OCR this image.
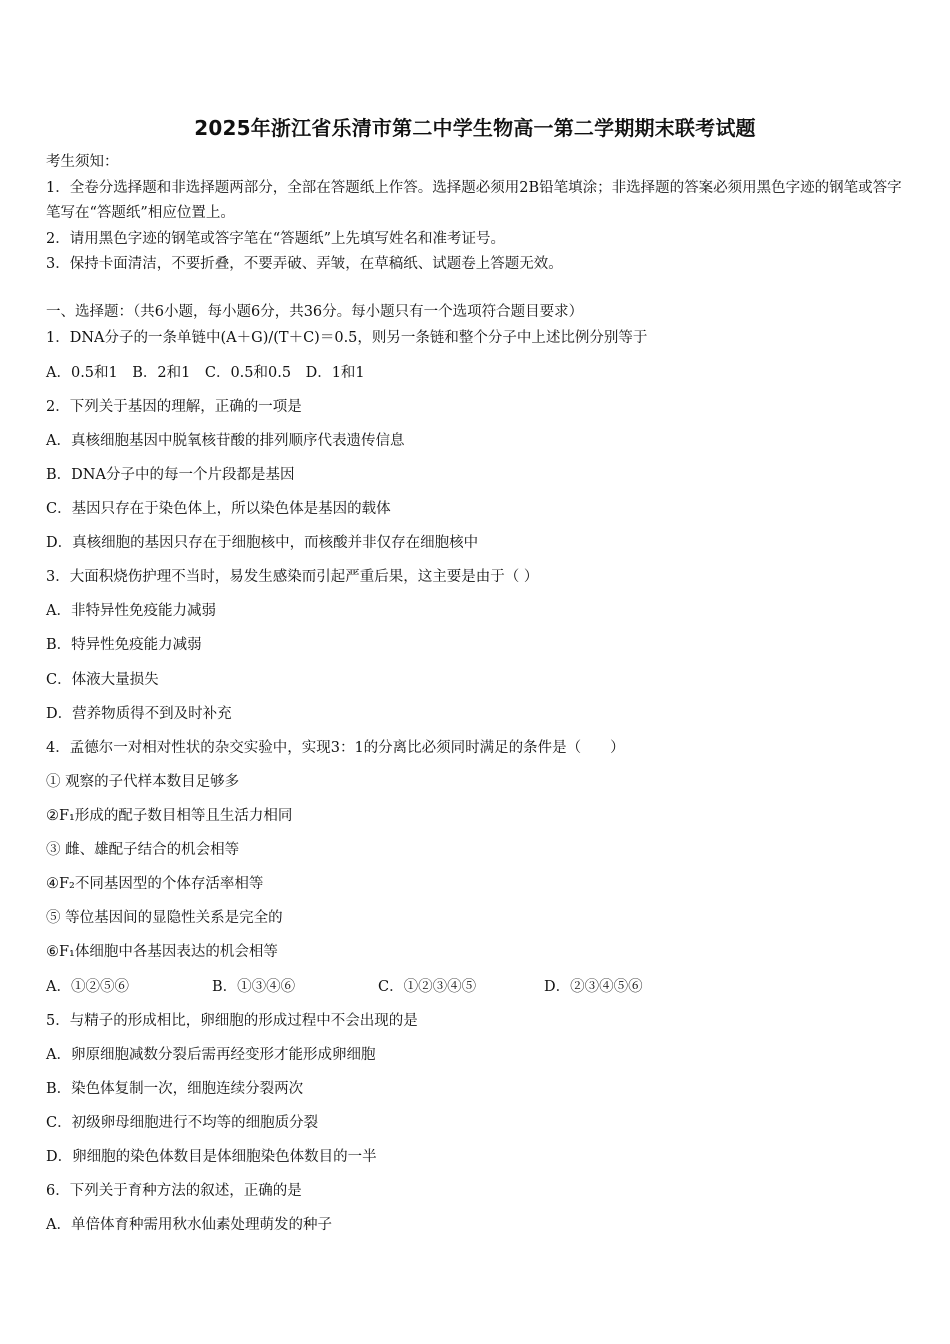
2025年浙江省乐清市第二中学生物高一第二学期期末联考试题
考生须知：
1．全卷分选择题和非选择题两部分，全部在答题纸上作答。选择题必须用2B铅笔填涂；非选择题的答案必须用黑色字迹的钢笔或答字笔写在“答题纸”相应位置上。
2．请用黑色字迹的钢笔或答字笔在“答题纸”上先填写姓名和准考证号。
3．保持卡面清洁，不要折叠，不要弄破、弄皱，在草稿纸、试题卷上答题无效。
一、选择题：（共6小题，每小题6分，共36分。每小题只有一个选项符合题目要求）
1．DNA分子的一条单链中(A＋G)/(T＋C)＝0.5，则另一条链和整个分子中上述比例分别等于
A．0.5和1　B．2和1　C．0.5和0.5　D．1和1
2．下列关于基因的理解，正确的一项是
A．真核细胞基因中脱氧核苷酸的排列顺序代表遗传信息
B．DNA分子中的每一个片段都是基因
C．基因只存在于染色体上，所以染色体是基因的载体
D．真核细胞的基因只存在于细胞核中，而核酸并非仅存在细胞核中
3．大面积烧伤护理不当时，易发生感染而引起严重后果，这主要是由于（ ）
A．非特异性免疫能力减弱
B．特异性免疫能力减弱
C．体液大量损失
D．营养物质得不到及时补充
4．孟德尔一对相对性状的杂交实验中，实现3：1的分离比必须同时满足的条件是（　　）
① 观察的子代样本数目足够多
②F₁形成的配子数目相等且生活力相同
③ 雌、雄配子结合的机会相等
④F₂不同基因型的个体存活率相等
⑤ 等位基因间的显隐性关系是完全的
⑥F₁体细胞中各基因表达的机会相等
A．①②⑤⑥	B．①③④⑥	C．①②③④⑤	D．②③④⑤⑥
5．与精子的形成相比，卵细胞的形成过程中不会出现的是
A．卵原细胞减数分裂后需再经变形才能形成卵细胞
B．染色体复制一次，细胞连续分裂两次
C．初级卵母细胞进行不均等的细胞质分裂
D．卵细胞的染色体数目是体细胞染色体数目的一半
6．下列关于育种方法的叙述，正确的是
A．单倍体育种需用秋水仙素处理萌发的种子
